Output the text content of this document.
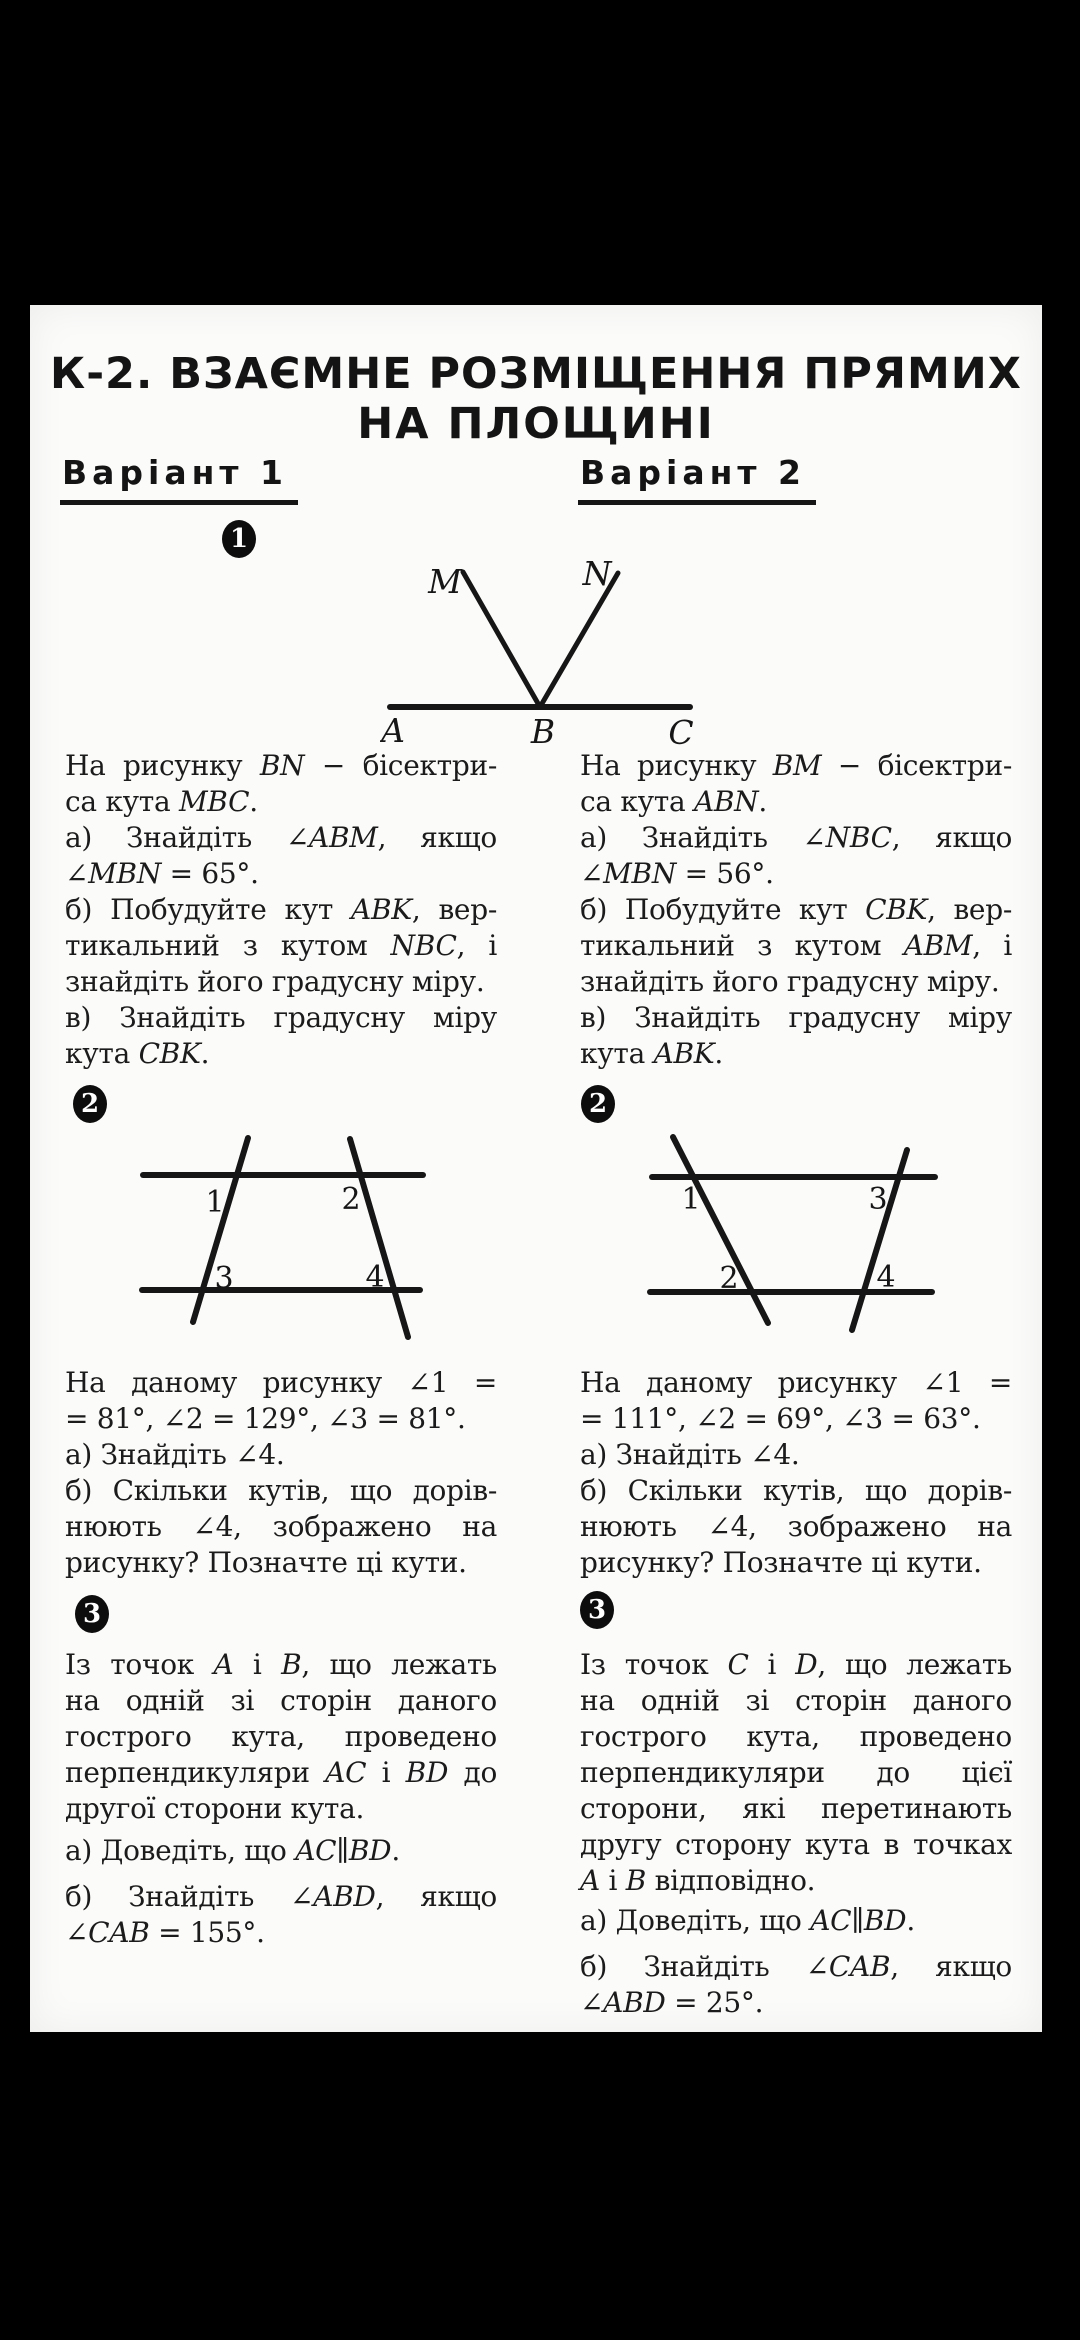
К-2. ВЗАЄМНЕ РОЗМІЩЕННЯ ПРЯМИХ
НА ПЛОЩИНІ
Варіант 1	Варіант 2
1
M	N
A	B	C
На рисунку BN − бісектри-
са кута MBC.
а) Знайдіть ∠ABM, якщо
∠MBN = 65°.
б) Побудуйте кут ABK, вер-
тикальний з кутом NBC, і
знайдіть його градусну міру.
в) Знайдіть градусну міру
кута CBK.
На рисунку BM − бісектри-
са кута ABN.
а) Знайдіть ∠NBC, якщо
∠MBN = 56°.
б) Побудуйте кут CBK, вер-
тикальний з кутом ABM, і
знайдіть його градусну міру.
в) Знайдіть градусну міру
кута ABK.
2	2
1	2
3	4
1	3
2	4
На даному рисунку ∠1 =
= 81°, ∠2 = 129°, ∠3 = 81°.
а) Знайдіть ∠4.
б) Скільки кутів, що дорів-
нюють ∠4, зображено на
рисунку? Позначте ці кути.
На даному рисунку ∠1 =
= 111°, ∠2 = 69°, ∠3 = 63°.
а) Знайдіть ∠4.
б) Скільки кутів, що дорів-
нюють ∠4, зображено на
рисунку? Позначте ці кути.
3	3
Із точок A і B, що лежать
на одній зі сторін даного
гострого кута, проведено
перпендикуляри AC і BD до
другої сторони кута.
а) Доведіть, що AC∥BD.
б) Знайдіть ∠ABD, якщо
∠CAB = 155°.
Із точок C і D, що лежать
на одній зі сторін даного
гострого кута, проведено
перпендикуляри до цієї
сторони, які перетинають
другу сторону кута в точках
A і B відповідно.
а) Доведіть, що AC∥BD.
б) Знайдіть ∠CAB, якщо
∠ABD = 25°.
